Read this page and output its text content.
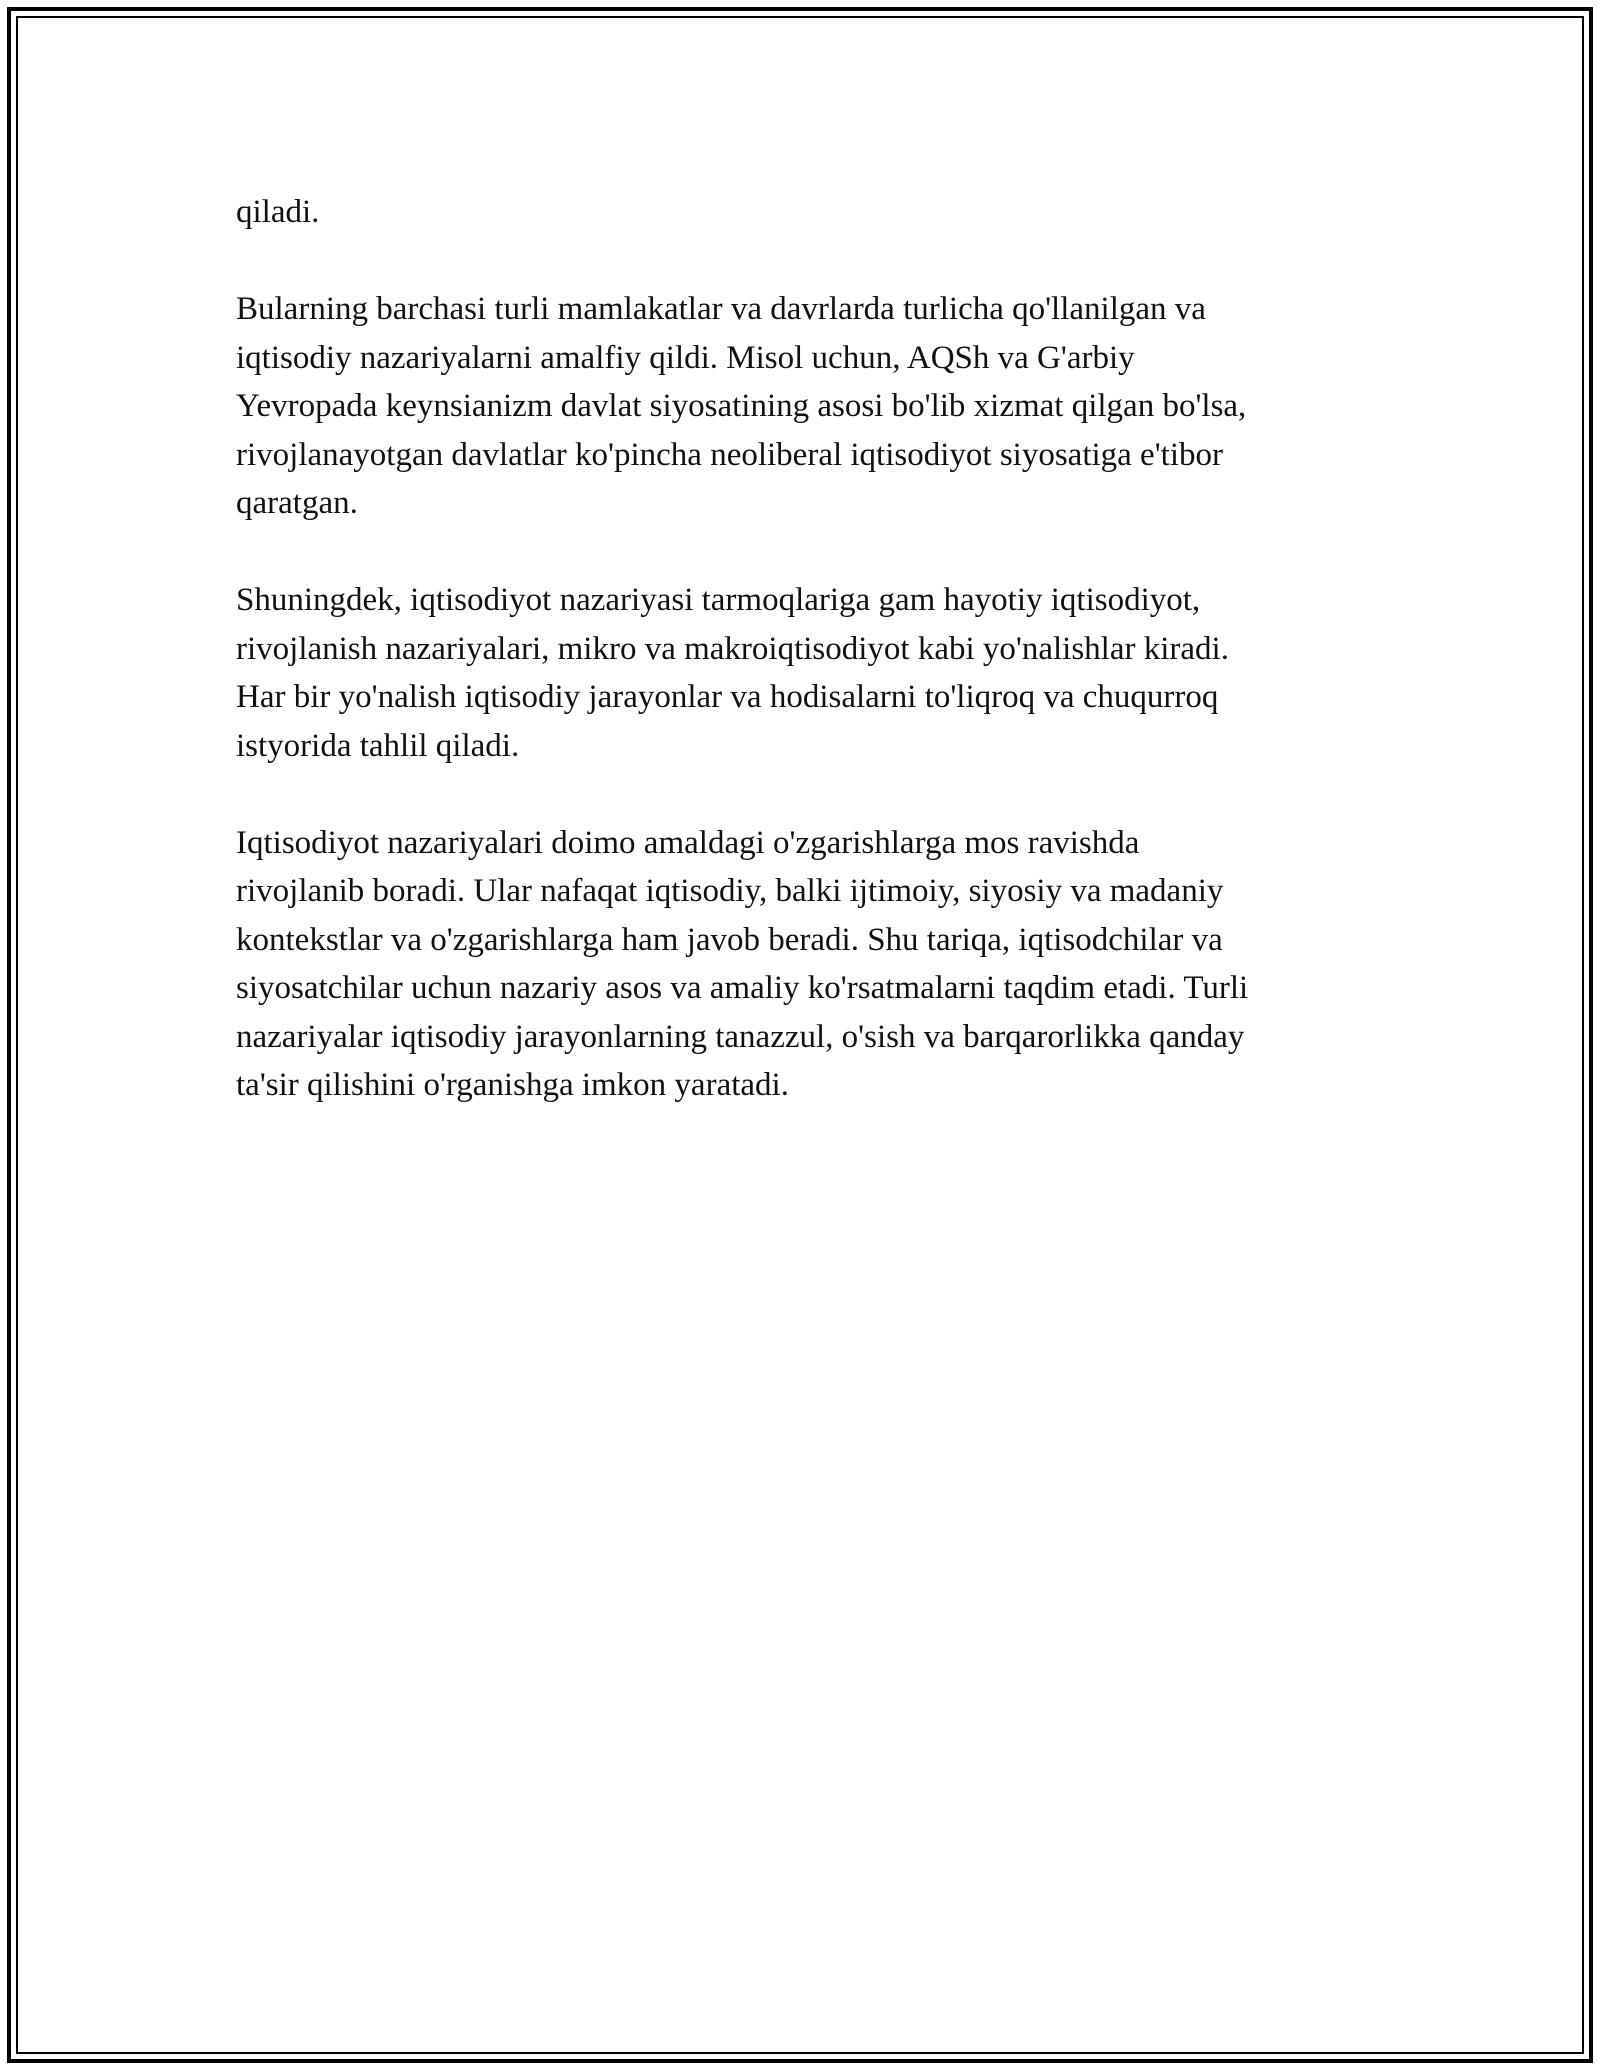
qiladi.

Bularning barchasi turli mamlakatlar va davrlarda turlicha qo'llanilgan va
iqtisodiy nazariyalarni amalfiy qildi. Misol uchun, AQSh va G'arbiy
Yevropada keynsianizm davlat siyosatining asosi bo'lib xizmat qilgan bo'lsa,
rivojlanayotgan davlatlar ko'pincha neoliberal iqtisodiyot siyosatiga e'tibor
qaratgan.

Shuningdek, iqtisodiyot nazariyasi tarmoqlariga gam hayotiy iqtisodiyot,
rivojlanish nazariyalari, mikro va makroiqtisodiyot kabi yo'nalishlar kiradi.
Har bir yo'nalish iqtisodiy jarayonlar va hodisalarni to'liqroq va chuqurroq
istyorida tahlil qiladi.

Iqtisodiyot nazariyalari doimo amaldagi o'zgarishlarga mos ravishda
rivojlanib boradi. Ular nafaqat iqtisodiy, balki ijtimoiy, siyosiy va madaniy
kontekstlar va o'zgarishlarga ham javob beradi. Shu tariqa, iqtisodchilar va
siyosatchilar uchun nazariy asos va amaliy ko'rsatmalarni taqdim etadi. Turli
nazariyalar iqtisodiy jarayonlarning tanazzul, o'sish va barqarorlikka qanday
ta'sir qilishini o'rganishga imkon yaratadi.
